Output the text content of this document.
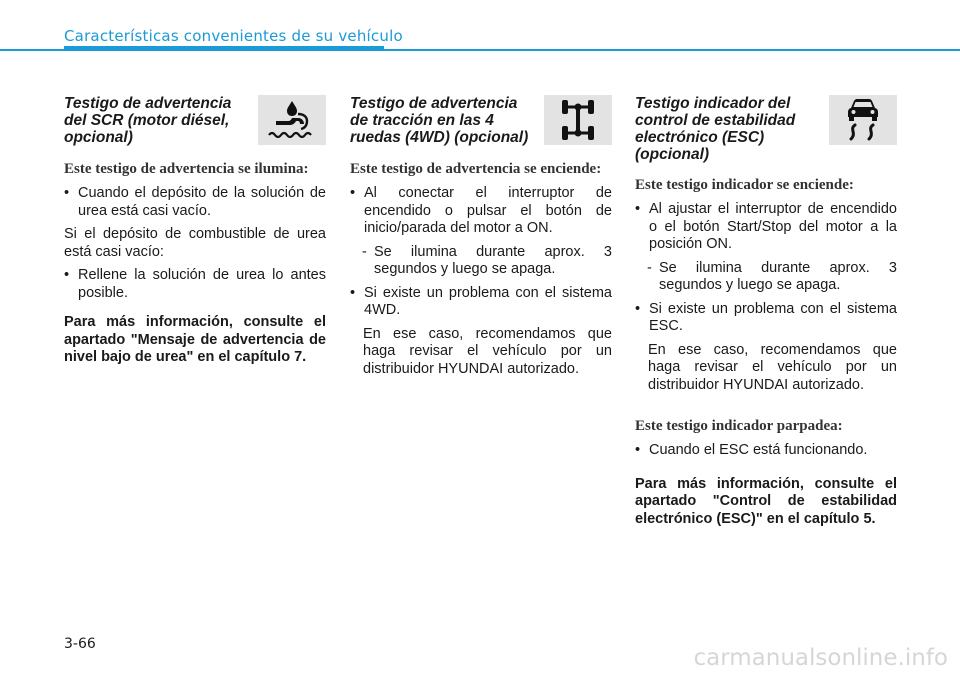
Características convenientes de su vehículo
Testigo de advertencia del SCR (motor diésel, opcional)
Este testigo de advertencia se ilumina:

• Cuando el depósito de la solución de urea está casi vacío.

Si el depósito de combustible de urea está casi vacío:

• Rellene la solución de urea lo antes posible.

Para más información, consulte el apartado "Mensaje de advertencia de nivel bajo de urea" en el capítulo 7.

Testigo de advertencia de tracción en las 4 ruedas (4WD) (opcional)
Este testigo de advertencia se enciende:

• Al conectar el interruptor de encendido o pulsar el botón de inicio/parada del motor a ON.

- Se ilumina durante aprox. 3 segundos y luego se apaga.

• Si existe un problema con el sistema 4WD.

En ese caso, recomendamos que haga revisar el vehículo por un distribuidor HYUNDAI autorizado.

Testigo indicador del control de estabilidad electrónico (ESC) (opcional)
Este testigo indicador se enciende:

• Al ajustar el interruptor de encendido o el botón Start/Stop del motor a la posición ON.

- Se ilumina durante aprox. 3 segundos y luego se apaga.

• Si existe un problema con el sistema ESC.

En ese caso, recomendamos que haga revisar el vehículo por un distribuidor HYUNDAI autorizado.

Este testigo indicador parpadea:

• Cuando el ESC está funcionando.

Para más información, consulte el apartado "Control de estabilidad electrónico (ESC)" en el capítulo 5.

3-66
carmanualsonline.info
